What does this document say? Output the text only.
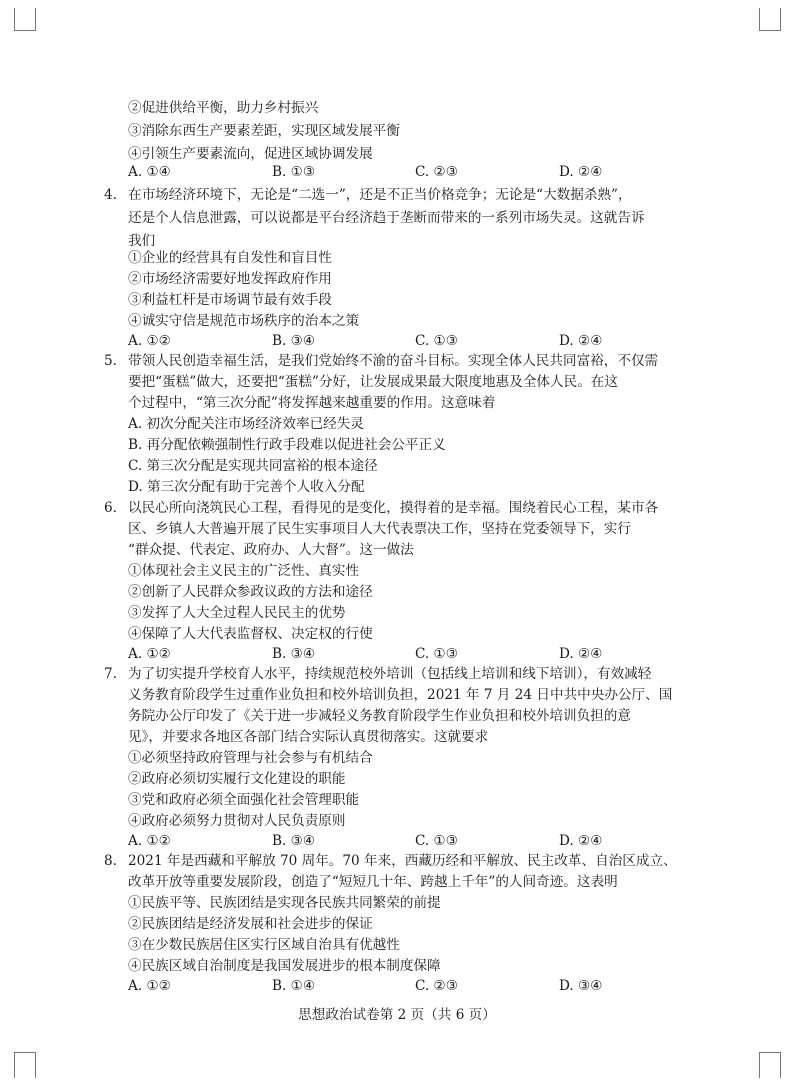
②促进供给平衡，助力乡村振兴
③消除东西生产要素差距，实现区域发展平衡
④引领生产要素流向，促进区域协调发展
A. ①④	B. ①③	C. ②③	D. ②④
4. 在市场经济环境下，无论是“二选一”，还是不正当价格竞争；无论是“大数据杀熟”，
还是个人信息泄露，可以说都是平台经济趋于垄断而带来的一系列市场失灵。这就告诉
我们
①企业的经营具有自发性和盲目性
②市场经济需要好地发挥政府作用
③利益杠杆是市场调节最有效手段
④诚实守信是规范市场秩序的治本之策
A. ①②	B. ③④	C. ①③	D. ②④
5. 带领人民创造幸福生活，是我们党始终不渝的奋斗目标。实现全体人民共同富裕，不仅需
要把“蛋糕”做大，还要把“蛋糕”分好，让发展成果最大限度地惠及全体人民。在这
个过程中，“第三次分配”将发挥越来越重要的作用。这意味着
A. 初次分配关注市场经济效率已经失灵
B. 再分配依赖强制性行政手段难以促进社会公平正义
C. 第三次分配是实现共同富裕的根本途径
D. 第三次分配有助于完善个人收入分配
6. 以民心所向浇筑民心工程，看得见的是变化，摸得着的是幸福。围绕着民心工程，某市各
区、乡镇人大普遍开展了民生实事项目人大代表票决工作，坚持在党委领导下，实行
“群众提、代表定、政府办、人大督”。这一做法
①体现社会主义民主的广泛性、真实性
②创新了人民群众参政议政的方法和途径
③发挥了人大全过程人民民主的优势
④保障了人大代表监督权、决定权的行使
A. ①②	B. ③④	C. ①③	D. ②④
7. 为了切实提升学校育人水平，持续规范校外培训（包括线上培训和线下培训），有效减轻
义务教育阶段学生过重作业负担和校外培训负担，2021 年 7 月 24 日中共中央办公厅、国
务院办公厅印发了《关于进一步减轻义务教育阶段学生作业负担和校外培训负担的意
见》，并要求各地区各部门结合实际认真贯彻落实。这就要求
①必须坚持政府管理与社会参与有机结合
②政府必须切实履行文化建设的职能
③党和政府必须全面强化社会管理职能
④政府必须努力贯彻对人民负责原则
A. ①②	B. ③④	C. ①③	D. ②④
8. 2021 年是西藏和平解放 70 周年。70 年来，西藏历经和平解放、民主改革、自治区成立、
改革开放等重要发展阶段，创造了“短短几十年、跨越上千年”的人间奇迹。这表明
①民族平等、民族团结是实现各民族共同繁荣的前提
②民族团结是经济发展和社会进步的保证
③在少数民族居住区实行区域自治具有优越性
④民族区域自治制度是我国发展进步的根本制度保障
A. ①②	B. ①④	C. ②③	D. ③④
思想政治试卷第 2 页（共 6 页）
